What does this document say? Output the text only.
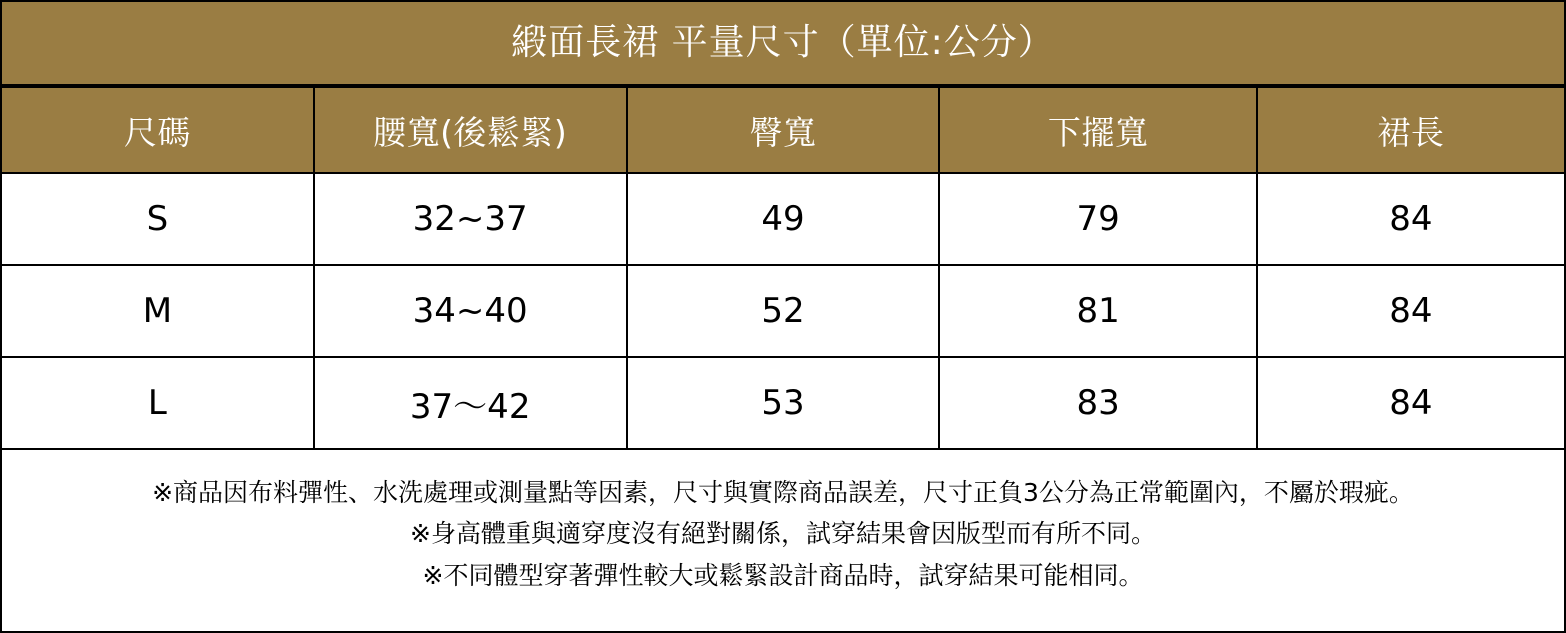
緞面長裙 平量尺寸（單位:公分）
尺碼	腰寬(後鬆緊)	臀寬	下擺寬	裙長
S	32~37	49	79	84
M	34~40	52	81	84
L	37〜42	53	83	84
※商品因布料彈性、水洗處理或測量點等因素，尺寸與實際商品誤差，尺寸正負3公分為正常範圍內，不屬於瑕疵。
※身高體重與適穿度沒有絕對關係，試穿結果會因版型而有所不同。
※不同體型穿著彈性較大或鬆緊設計商品時，試穿結果可能相同。
